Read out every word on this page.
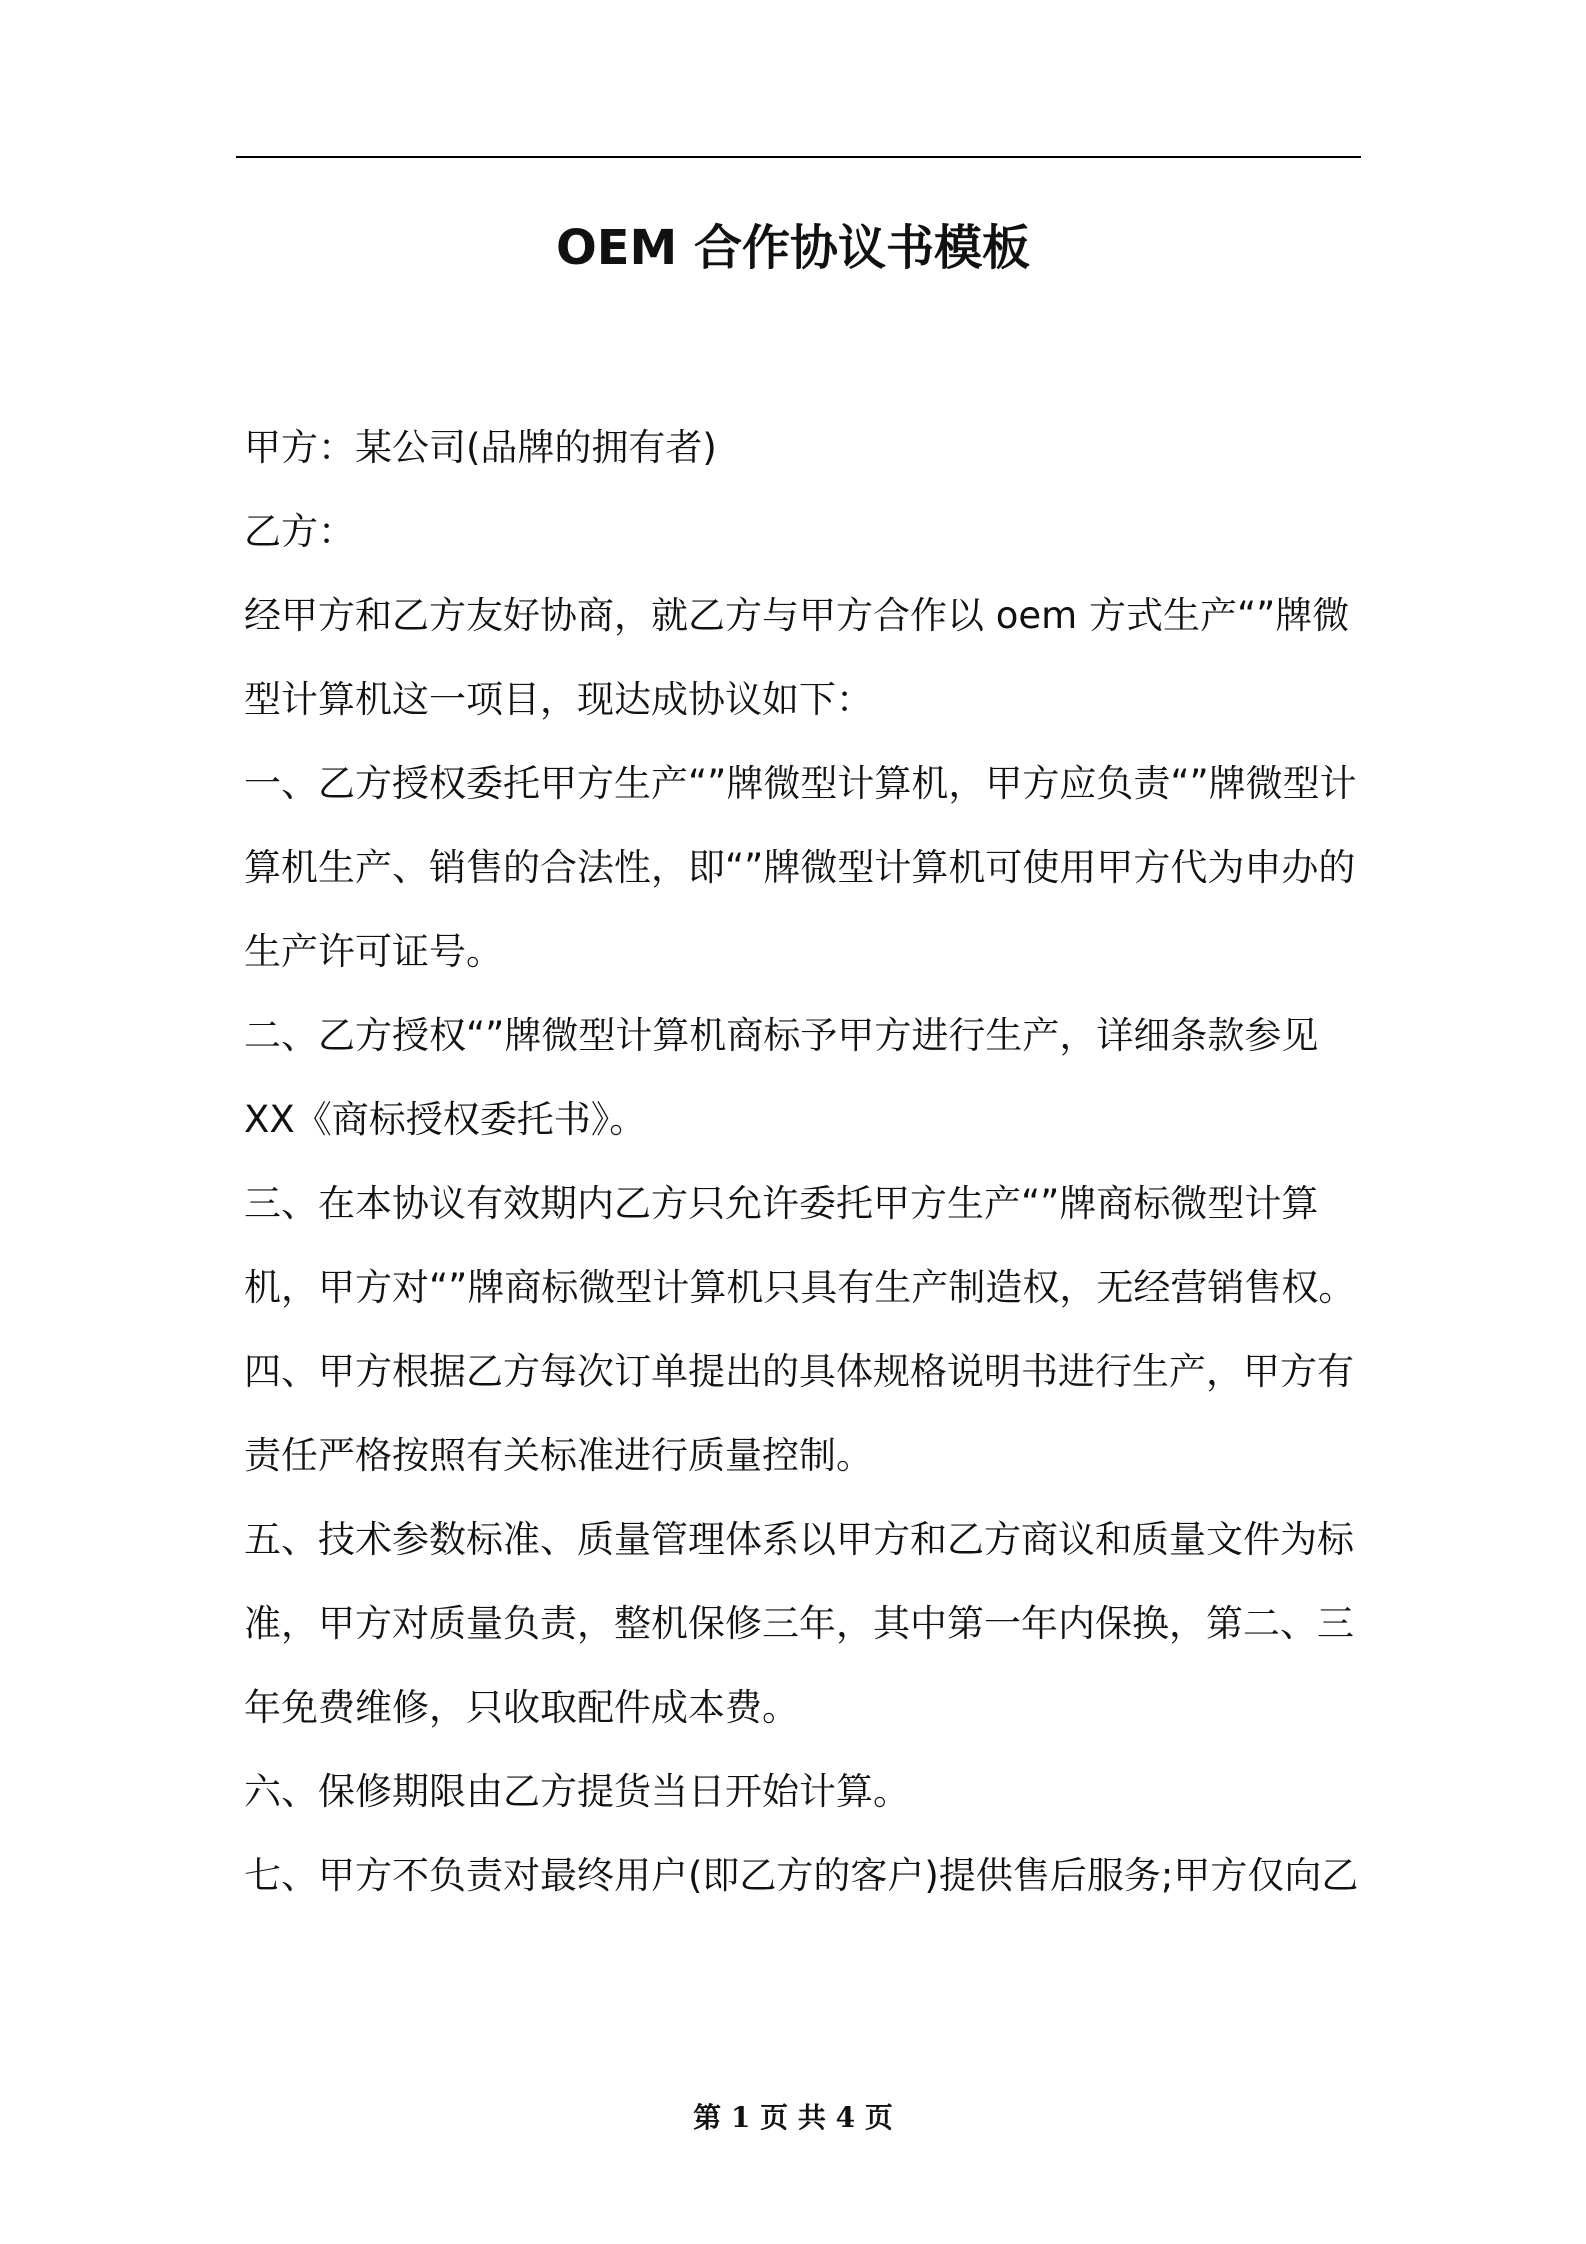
OEM 合作协议书模板

甲方：某公司(品牌的拥有者)

乙方：

经甲方和乙方友好协商，就乙方与甲方合作以 oem 方式生产“”牌微型计算机这一项目，现达成协议如下：

一、乙方授权委托甲方生产“”牌微型计算机，甲方应负责“”牌微型计算机生产、销售的合法性，即“”牌微型计算机可使用甲方代为申办的生产许可证号。

二、乙方授权“”牌微型计算机商标予甲方进行生产，详细条款参见 XX《商标授权委托书》。

三、在本协议有效期内乙方只允许委托甲方生产“”牌商标微型计算机，甲方对“”牌商标微型计算机只具有生产制造权，无经营销售权。

四、甲方根据乙方每次订单提出的具体规格说明书进行生产，甲方有责任严格按照有关标准进行质量控制。

五、技术参数标准、质量管理体系以甲方和乙方商议和质量文件为标准，甲方对质量负责，整机保修三年，其中第一年内保换，第二、三年免费维修，只收取配件成本费。

六、保修期限由乙方提货当日开始计算。

七、甲方不负责对最终用户(即乙方的客户)提供售后服务;甲方仅向乙

第 1 页 共 4 页
